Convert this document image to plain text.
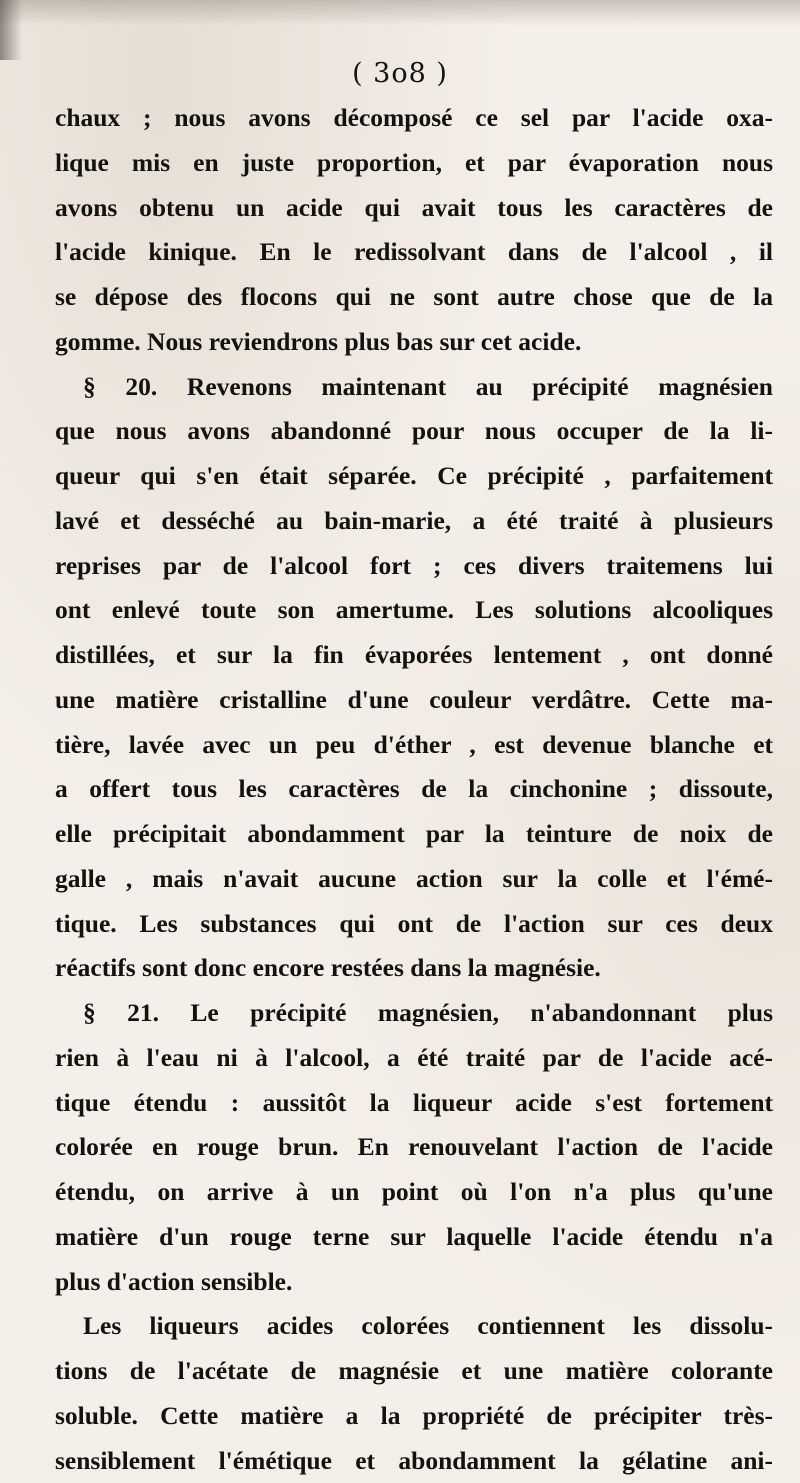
( 3o8 )
chaux ; nous avons décomposé ce sel par l'acide oxa-
lique mis en juste proportion, et par évaporation nous
avons obtenu un acide qui avait tous les caractères de
l'acide kinique. En le redissolvant dans de l'alcool , il
se dépose des flocons qui ne sont autre chose que de la
gomme. Nous reviendrons plus bas sur cet acide.
§ 20. Revenons maintenant au précipité magnésien
que nous avons abandonné pour nous occuper de la li-
queur qui s'en était séparée. Ce précipité , parfaitement
lavé et desséché au bain-marie, a été traité à plusieurs
reprises par de l'alcool fort ; ces divers traitemens lui
ont enlevé toute son amertume. Les solutions alcooliques
distillées, et sur la fin évaporées lentement , ont donné
une matière cristalline d'une couleur verdâtre. Cette ma-
tière, lavée avec un peu d'éther , est devenue blanche et
a offert tous les caractères de la cinchonine ; dissoute,
elle précipitait abondamment par la teinture de noix de
galle , mais n'avait aucune action sur la colle et l'émé-
tique. Les substances qui ont de l'action sur ces deux
réactifs sont donc encore restées dans la magnésie.
§ 21. Le précipité magnésien, n'abandonnant plus
rien à l'eau ni à l'alcool, a été traité par de l'acide acé-
tique étendu : aussitôt la liqueur acide s'est fortement
colorée en rouge brun. En renouvelant l'action de l'acide
étendu, on arrive à un point où l'on n'a plus qu'une
matière d'un rouge terne sur laquelle l'acide étendu n'a
plus d'action sensible.
Les liqueurs acides colorées contiennent les dissolu-
tions de l'acétate de magnésie et une matière colorante
soluble. Cette matière a la propriété de précipiter très-
sensiblement l'émétique et abondamment la gélatine ani-
